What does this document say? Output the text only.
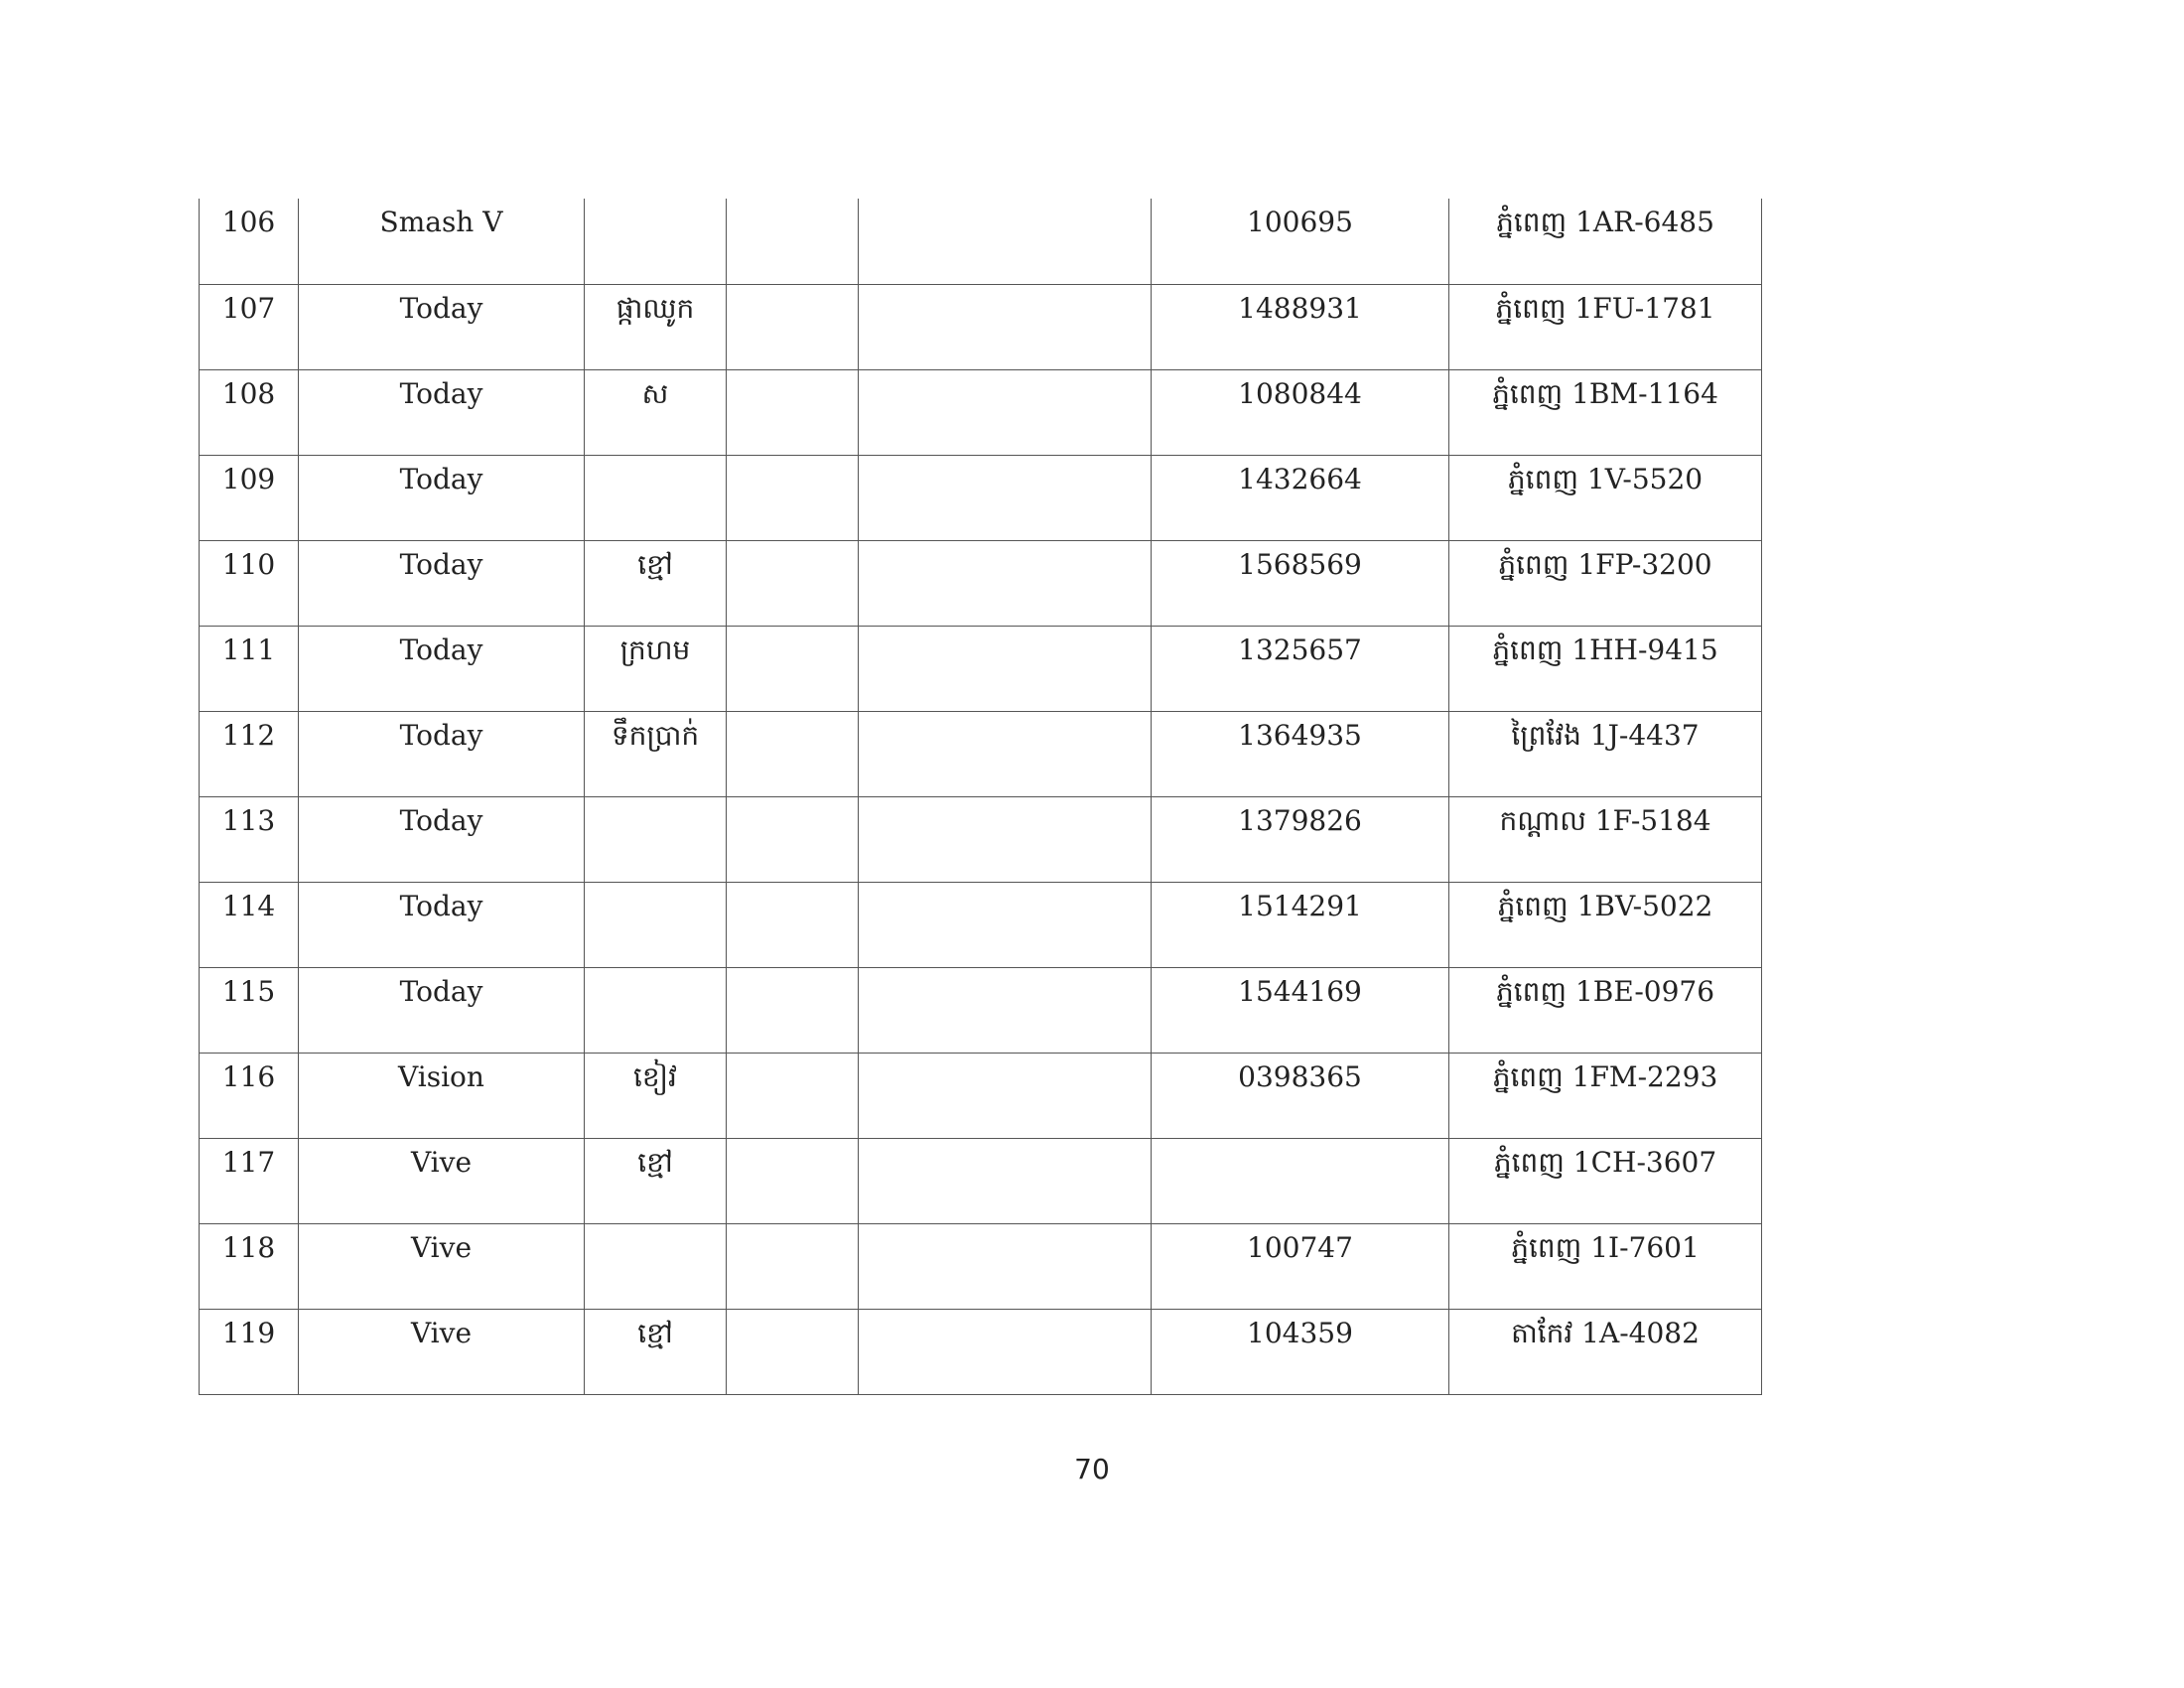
106	Smash V				100695	ភ្នំពេញ 1AR-6485
107	Today	ផ្កាឈូក			1488931	ភ្នំពេញ 1FU-1781
108	Today	ស			1080844	ភ្នំពេញ 1BM-1164
109	Today				1432664	ភ្នំពេញ 1V-5520
110	Today	ខ្មៅ			1568569	ភ្នំពេញ 1FP-3200
111	Today	ក្រហម			1325657	ភ្នំពេញ 1HH-9415
112	Today	ទឹកប្រាក់			1364935	ព្រៃវែង 1J-4437
113	Today				1379826	កណ្តាល 1F-5184
114	Today				1514291	ភ្នំពេញ 1BV-5022
115	Today				1544169	ភ្នំពេញ 1BE-0976
116	Vision	ខៀវ			0398365	ភ្នំពេញ 1FM-2293
117	Vive	ខ្មៅ				ភ្នំពេញ 1CH-3607
118	Vive				100747	ភ្នំពេញ 1I-7601
119	Vive	ខ្មៅ			104359	តាកែវ 1A-4082
70
